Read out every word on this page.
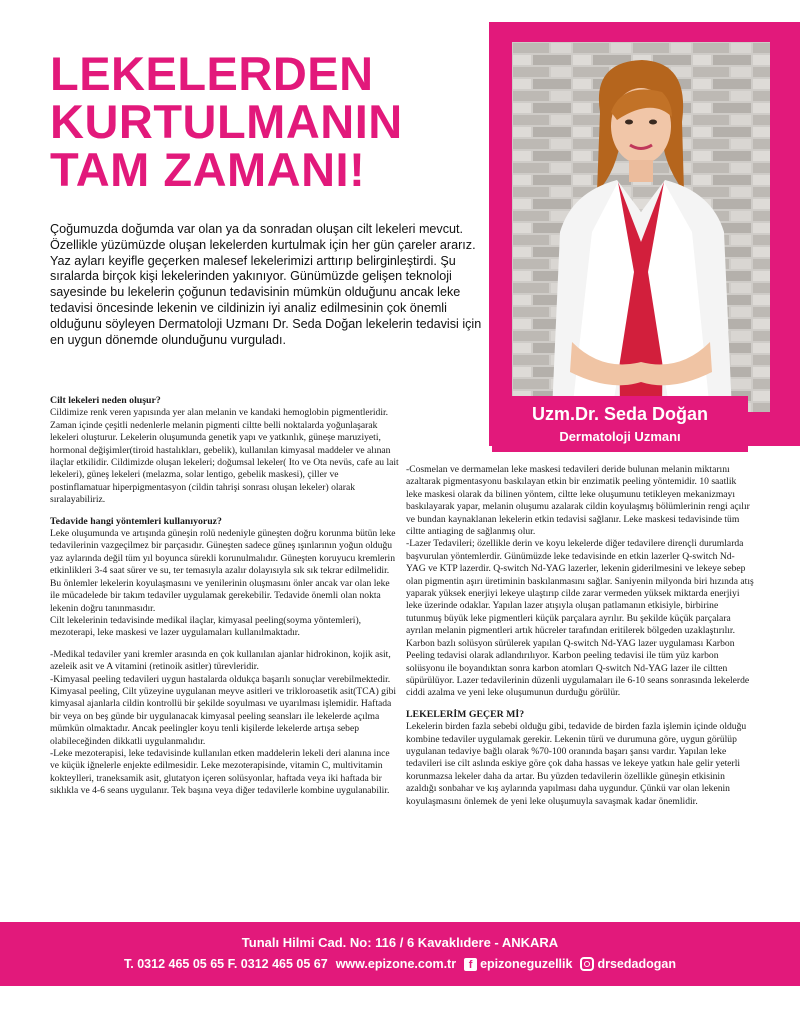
LEKELERDEN
KURTULMANIN
TAM ZAMANI!

Çoğumuzda doğumda var olan ya da sonradan oluşan cilt lekeleri mevcut. Özellikle yüzümüzde oluşan lekelerden kurtulmak için her gün çareler ararız. Yaz ayları keyifle geçerken malesef lekelerimizi arttırıp belirginleştirdi. Şu sıralarda birçok kişi lekelerinden yakınıyor. Günümüzde gelişen teknoloji sayesinde bu lekelerin çoğunun tedavisinin mümkün olduğunu ancak leke tedavisi öncesinde lekenin ve cildinizin iyi analiz edilmesinin çok önemli olduğunu söyleyen Dermatoloji Uzmanı Dr. Seda Doğan lekelerin tedavisi için en uygun dönemde olunduğunu vurguladı.

Uzm.Dr. Seda Doğan
Dermatoloji Uzmanı
Cilt lekeleri neden oluşur?

Cildimize renk veren yapısında yer alan melanin ve kandaki hemoglobin pigmentleridir. Zaman içinde çeşitli nedenlerle melanin pigmenti ciltte belli noktalarda yoğunlaşarak lekeleri oluşturur. Lekelerin oluşumunda genetik yapı ve yatkınlık, güneşe maruziyeti, hormonal değişimler(tiroid hastalıkları, gebelik), kullanılan kimyasal maddeler ve alınan ilaçlar etkilidir. Cildimizde oluşan lekeleri; doğumsal lekeler( Ito ve Ota nevüs, cafe au lait lekeleri), güneş lekeleri (melazma, solar lentigo, gebelik maskesi), çiller ve postinflamatuar hiperpigmentasyon (cildin tahrişi sonrası oluşan lekeler) olarak sıralayabiliriz.

Tedavide hangi yöntemleri kullanıyoruz?

Leke oluşumunda ve artışında güneşin rolü nedeniyle güneşten doğru korunma bütün leke tedavilerinin vazgeçilmez bir parçasıdır. Güneşten sadece güneş ışınlarının yoğun olduğu yaz aylarında değil tüm yıl boyunca sürekli korunulmalıdır. Güneşten koruyucu kremlerin etkinlikleri 3-4 saat sürer ve su, ter temasıyla azalır dolayısıyla sık sık tekrar edilmelidir. Bu önlemler lekelerin koyulaşmasını ve yenilerinin oluşmasını önler ancak var olan leke ile mücadelede bir takım tedaviler uygulamak gerekebilir. Tedavide önemli olan nokta lekenin doğru tanınmasıdır.

Cilt lekelerinin tedavisinde medikal ilaçlar, kimyasal peeling(soyma yöntemleri), mezoterapi, leke maskesi ve lazer uygulamaları kullanılmaktadır.

-Medikal tedaviler yani kremler arasında en çok kullanılan ajanlar hidrokinon, kojik asit, azeleik asit ve A vitamini (retinoik asitler) türevleridir.

-Kimyasal peeling tedavileri uygun hastalarda oldukça başarılı sonuçlar verebilmektedir. Kimyasal peeling, Cilt yüzeyine uygulanan meyve asitleri ve trikloroasetik asit(TCA) gibi kimyasal ajanlarla cildin kontrollü bir şekilde soyulması ve uyarılması işlemidir. Haftada bir veya on beş günde bir uygulanacak kimyasal peeling seansları ile lekelerde açılma mümkün olmaktadır. Ancak peelingler koyu tenli kişilerde lekelerde artışa sebep olabileceğinden dikkatli uygulanmalıdır.

-Leke mezoterapisi, leke tedavisinde kullanılan etken maddelerin lekeli deri alanına ince ve küçük iğnelerle enjekte edilmesidir. Leke mezoterapisinde, vitamin C, multivitamin kokteylleri, traneksamik asit, glutatyon içeren solüsyonlar, haftada veya iki haftada bir sıklıkla ve 4-6 seans uygulanır. Tek başına veya diğer tedavilerle kombine uygulanabilir.

-Cosmelan ve dermamelan leke maskesi tedavileri deride bulunan melanin miktarını azaltarak pigmentasyonu baskılayan etkin bir enzimatik peeling yöntemidir. 10 saatlik leke maskesi olarak da bilinen yöntem, ciltte leke oluşumunu tetikleyen mekanizmayı baskılayarak yapar, melanin oluşumu azalarak cildin koyulaşmış bölümlerinin rengi açılır ve bundan kaynaklanan lekelerin etkin tedavisi sağlanır. Leke maskesi tedavisinde tüm ciltte antiaging de sağlanmış olur.

-Lazer Tedavileri; özellikle derin ve koyu lekelerde diğer tedavilere dirençli durumlarda başvurulan yöntemlerdir. Günümüzde leke tedavisinde en etkin lazerler Q-switch Nd-YAG ve KTP lazerdir. Q-switch Nd-YAG lazerler, lekenin giderilmesini ve lekeye sebep olan pigmentin aşırı üretiminin baskılanmasını sağlar. Saniyenin milyonda biri hızında atış yaparak yüksek enerjiyi lekeye ulaştırıp cilde zarar vermeden yüksek miktarda enerjiyi leke üzerinde odaklar. Yapılan lazer atışıyla oluşan patlamanın etkisiyle, birbirine tutunmuş büyük leke pigmentleri küçük parçalara ayrılır. Bu şekilde küçük parçalara ayrılan melanin pigmentleri artık hücreler tarafından eritilerek bölgeden uzaklaştırılır. Karbon bazlı solüsyon sürülerek yapılan Q-switch Nd-YAG lazer uygulaması Karbon Peeling tedavisi olarak adlandırılıyor. Karbon peeling tedavisi ile tüm yüz karbon solüsyonu ile boyandıktan sonra karbon atomları Q-switch Nd-YAG lazer ile ciltten süpürülüyor. Lazer tedavilerinin düzenli uygulamaları ile 6-10 seans sonrasında lekelerde ciddi azalma ve yeni leke oluşumunun durduğu görülür.

LEKELERİM GEÇER Mİ?

Lekelerin birden fazla sebebi olduğu gibi, tedavide de birden fazla işlemin içinde olduğu kombine tedaviler uygulamak gerekir. Lekenin türü ve durumuna göre, uygun görülüp uygulanan tedaviye bağlı olarak %70-100 oranında başarı şansı vardır. Yapılan leke tedavileri ise cilt aslında eskiye göre çok daha hassas ve lekeye yatkın hale gelir yeterli korunmazsa lekeler daha da artar. Bu yüzden tedavilerin özellikle güneşin etkisinin azaldığı sonbahar ve kış aylarında yapılması daha uygundur. Çünkü var olan lekenin koyulaşmasını önlemek de yeni leke oluşumuyla savaşmak kadar önemlidir.

Tunalı Hilmi Cad. No: 116 / 6 Kavaklıdere - ANKARA
T. 0312 465 05 65 F. 0312 465 05 67 www.epizone.com.tr	f epizoneguzellik drsedadogan
